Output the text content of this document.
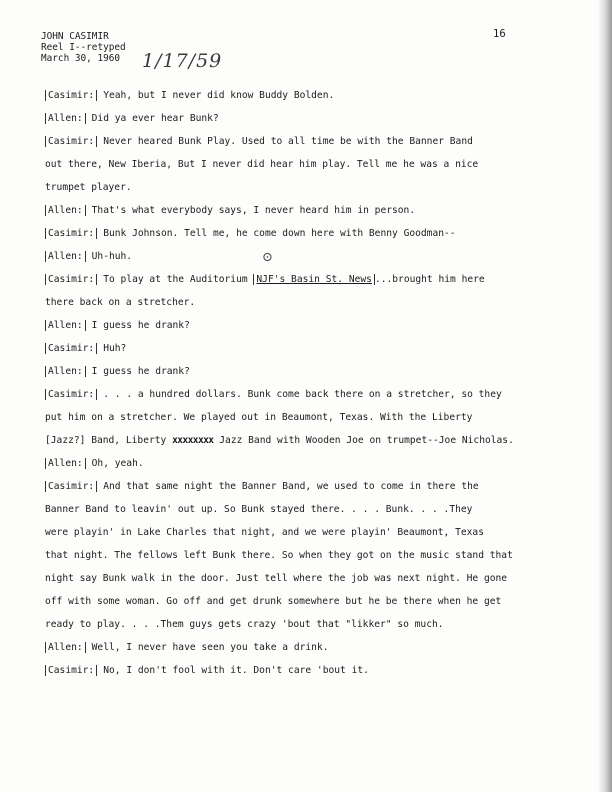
JOHN CASIMIR
Reel I--retyped
March 30, 1960 1/17/59
16
Casimir: Yeah, but I never did know Buddy Bolden.
Allen: Did ya ever hear Bunk?
Casimir: Never heared Bunk Play. Used to all time be with the Banner Band
out there, New Iberia, But I never did hear him play. Tell me he was a nice
trumpet player.
Allen: That's what everybody says, I never heard him in person.
Casimir: Bunk Johnson. Tell me, he come down here with Benny Goodman--
Allen: Uh-huh.	⊙
Casimir: To play at the Auditorium NJF's Basin St. News ...brought him here
there back on a stretcher.
Allen: I guess he drank?
Casimir: Huh?
Allen: I guess he drank?
Casimir: . . . a hundred dollars. Bunk come back there on a stretcher, so they
put him on a stretcher. We played out in Beaumont, Texas. With the Liberty
[Jazz?] Band, Liberty xxxxxxxx Jazz Band with Wooden Joe on trumpet--Joe Nicholas.
Allen: Oh, yeah.
Casimir: And that same night the Banner Band, we used to come in there the
Banner Band to leavin' out up. So Bunk stayed there. . . . Bunk. . . .They
were playin' in Lake Charles that night, and we were playin' Beaumont, Texas
that night. The fellows left Bunk there. So when they got on the music stand that
night say Bunk walk in the door. Just tell where the job was next night. He gone
off with some woman. Go off and get drunk somewhere but he be there when he get
ready to play. . . .Them guys gets crazy 'bout that "likker" so much.
Allen: Well, I never have seen you take a drink.
Casimir: No, I don't fool with it. Don't care 'bout it.
